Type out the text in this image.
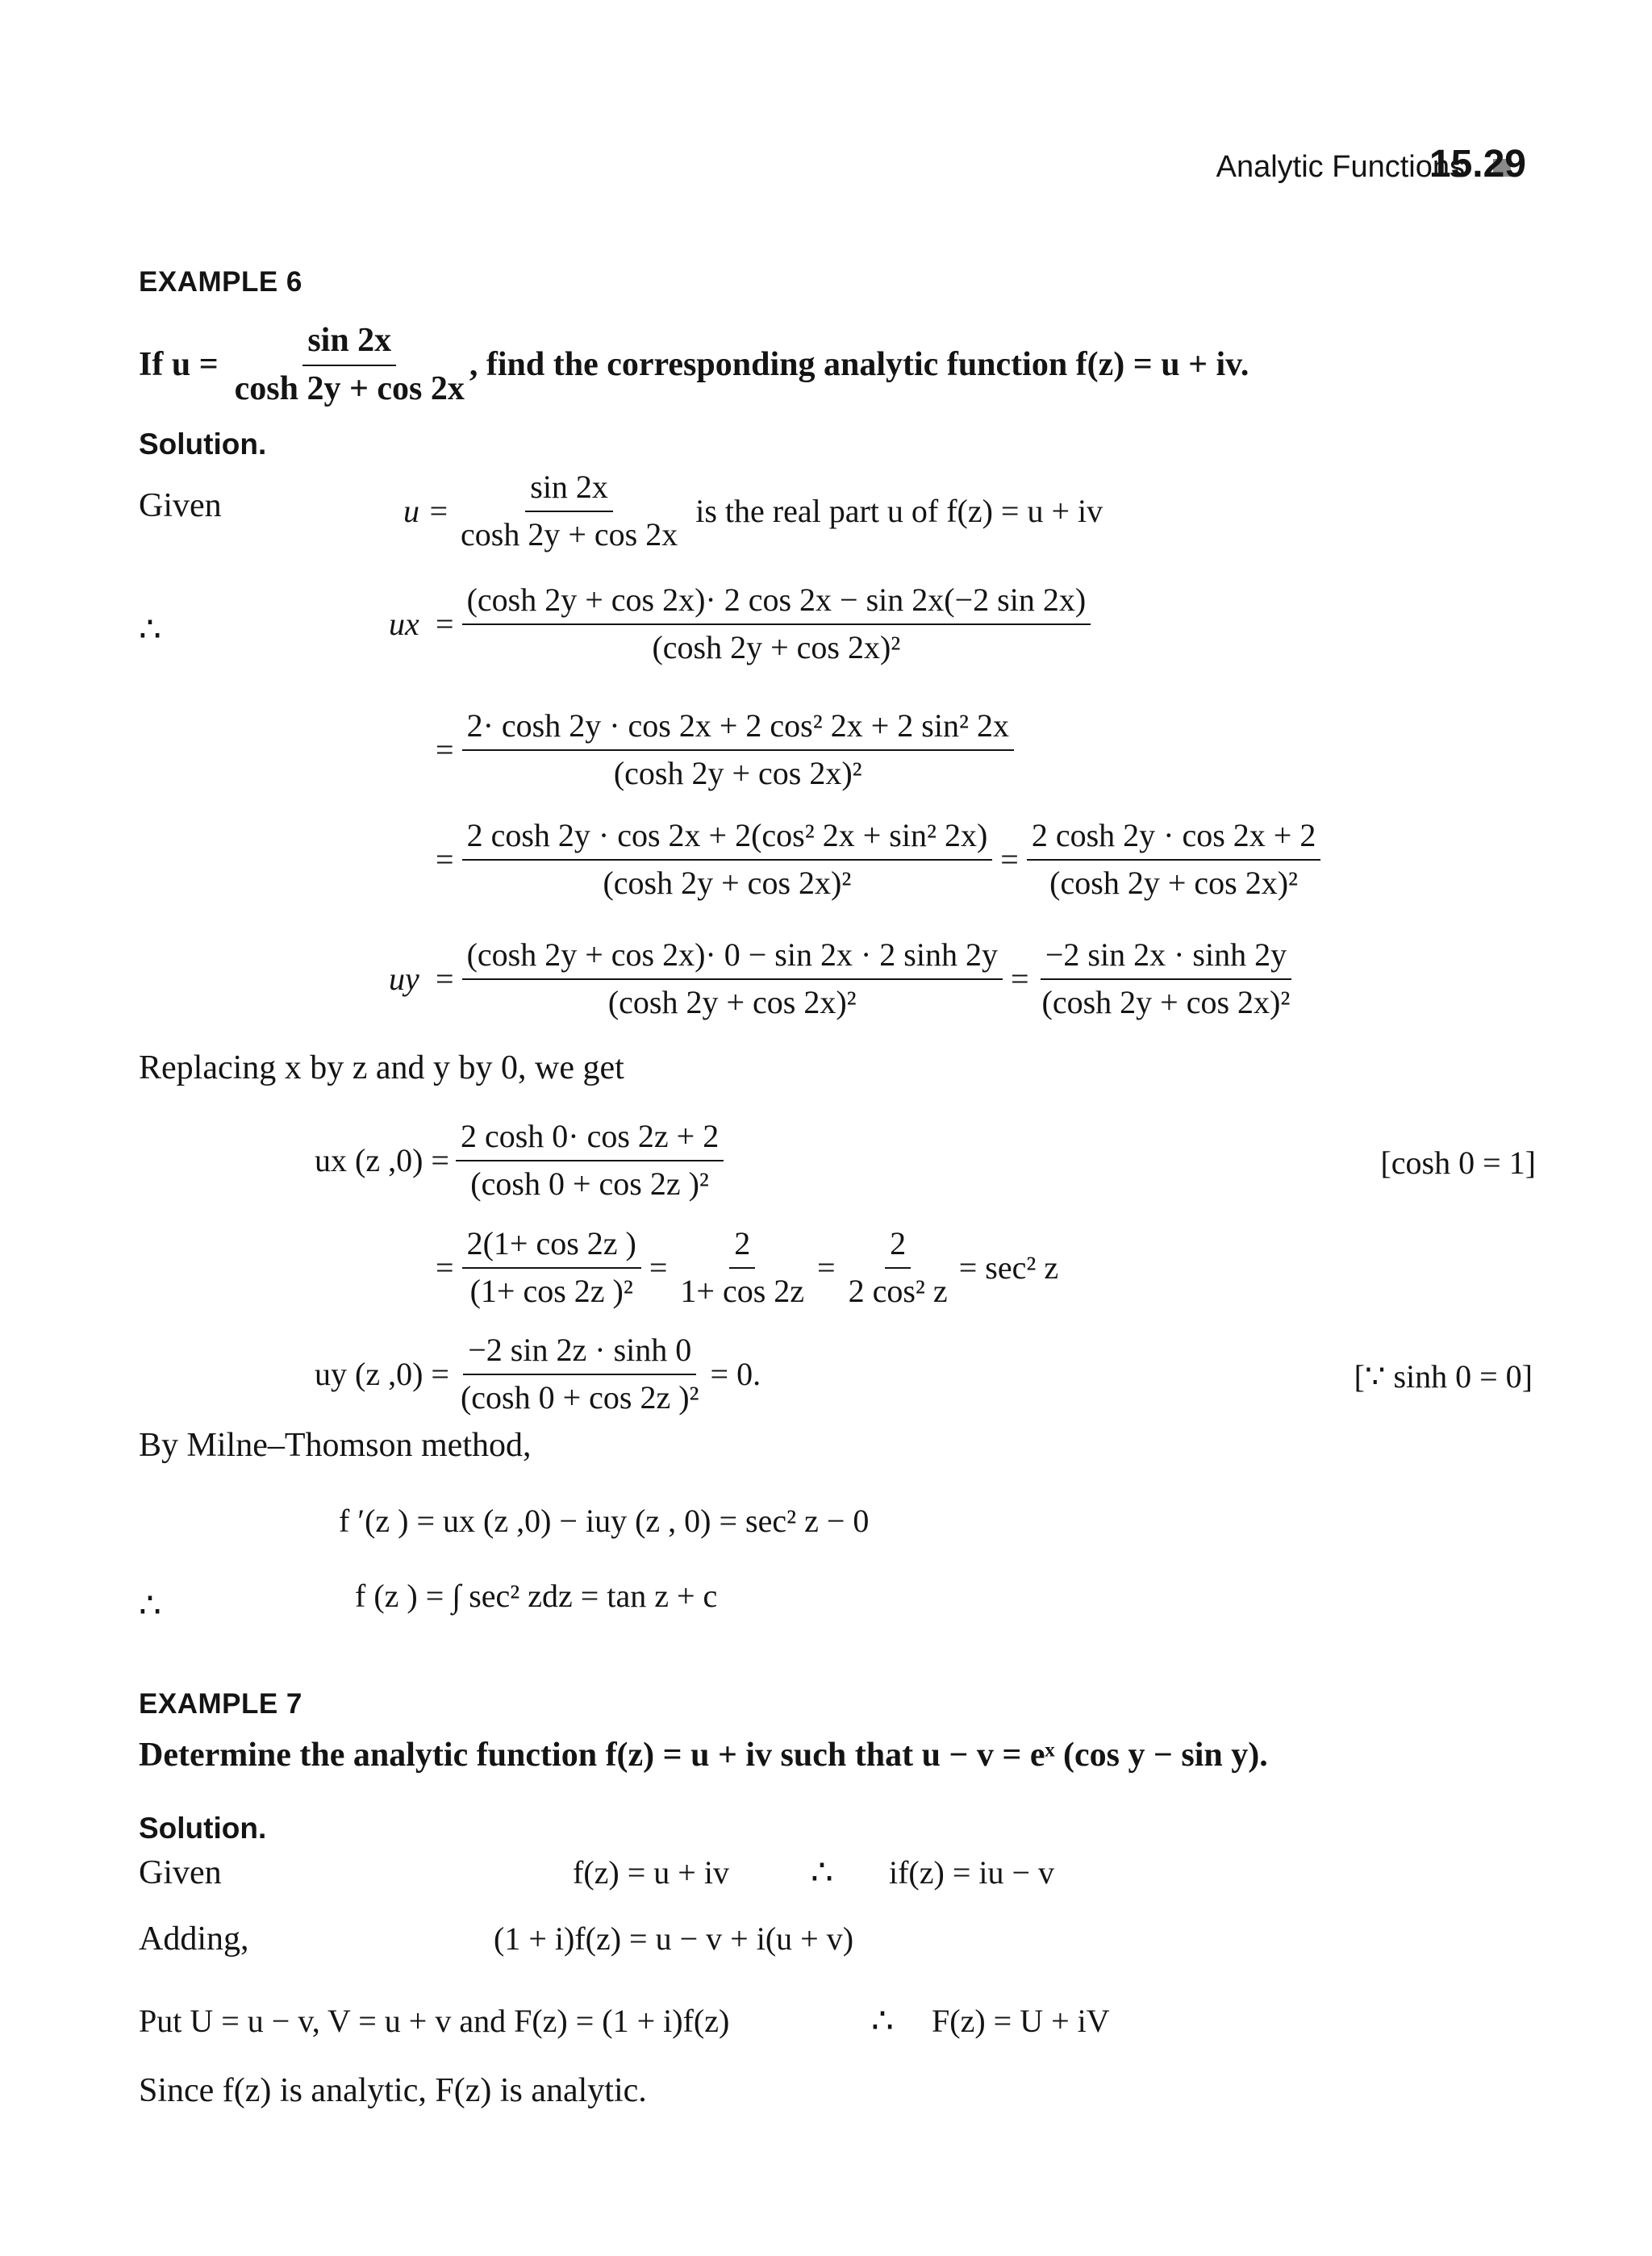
Analytic Functions
15.29
EXAMPLE 6
If $u = \frac{\sin 2x}{\cosh 2y + \cos 2x}$ , find the corresponding analytic function f(z) = u + iv.
Solution.
Given	$u = \frac{\sin 2x}{\cosh 2y + \cos 2x}$ is the real part u of f(z) = u + iv
∴	ux = $\frac{(\cosh 2y + \cos 2x)\cdot 2 \cos 2x - \sin 2x(-2 \sin 2x)}{\text{(cosh 2y + cos 2x)²}}$
= $\frac{\text{2· cosh 2y · cos 2x + 2 cos² 2x + 2 sin² 2x}}{\text{(cosh 2y + cos 2x)²}}$
= $\frac{\text{2 cosh 2y · cos 2x + 2(cos² 2x + sin² 2x)}}{\text{(cosh 2y + cos 2x)²}} = \frac{2 \cosh 2y \cdot \cos 2x + 2}{\text{(cosh 2y + cos 2x)²}}$
uy = $\frac{(\cosh 2y + \cos 2x)\cdot 0 - \sin 2x \cdot 2 \sinh 2y}{\text{(cosh 2y + cos 2x)²}} = \frac{-2 \sin 2x \cdot \sinh 2y}{\text{(cosh 2y + cos 2x)²}}$
Replacing x by z and y by 0, we get
ux (z $,0) = \frac{2 \cosh 0\cdot \cos 2z + 2}{\text{(cosh 0 + cos 2z )²}}$	[cosh 0 = 1]
= $\frac{2(1+ \cos 2z )}{\text{(1+ cos 2z )²}} = \frac{2}{1+ \cos 2z} = \frac{2}{\text{2 cos² z}} = \sec^2$ z
uy (z $,0) = \frac{-2 \sin 2z \cdot \sinh 0}{\text{(cosh 0 + cos 2z )²}} = 0$.	[∵ sinh 0 = 0]
By Milne–Thomson method,
f ′(z ) = ux (z ,0) − iuy (z , 0) = sec² z − 0
∴	f (z ) = ∫ sec² zdz = tan z + c
EXAMPLE 7
Determine the analytic function f(z) = u + iv such that u − v = eˣ (cos y − sin y).
Solution.
Given	f(z) = u + iv ∴ if(z) = iu − v
Adding,	(1 + i)f(z) = u − v + i(u + v)
Put U = u − v, V = u + v and F(z) = (1 + i)f(z)	∴ F(z) = U + iV
Since f(z) is analytic, F(z) is analytic.
